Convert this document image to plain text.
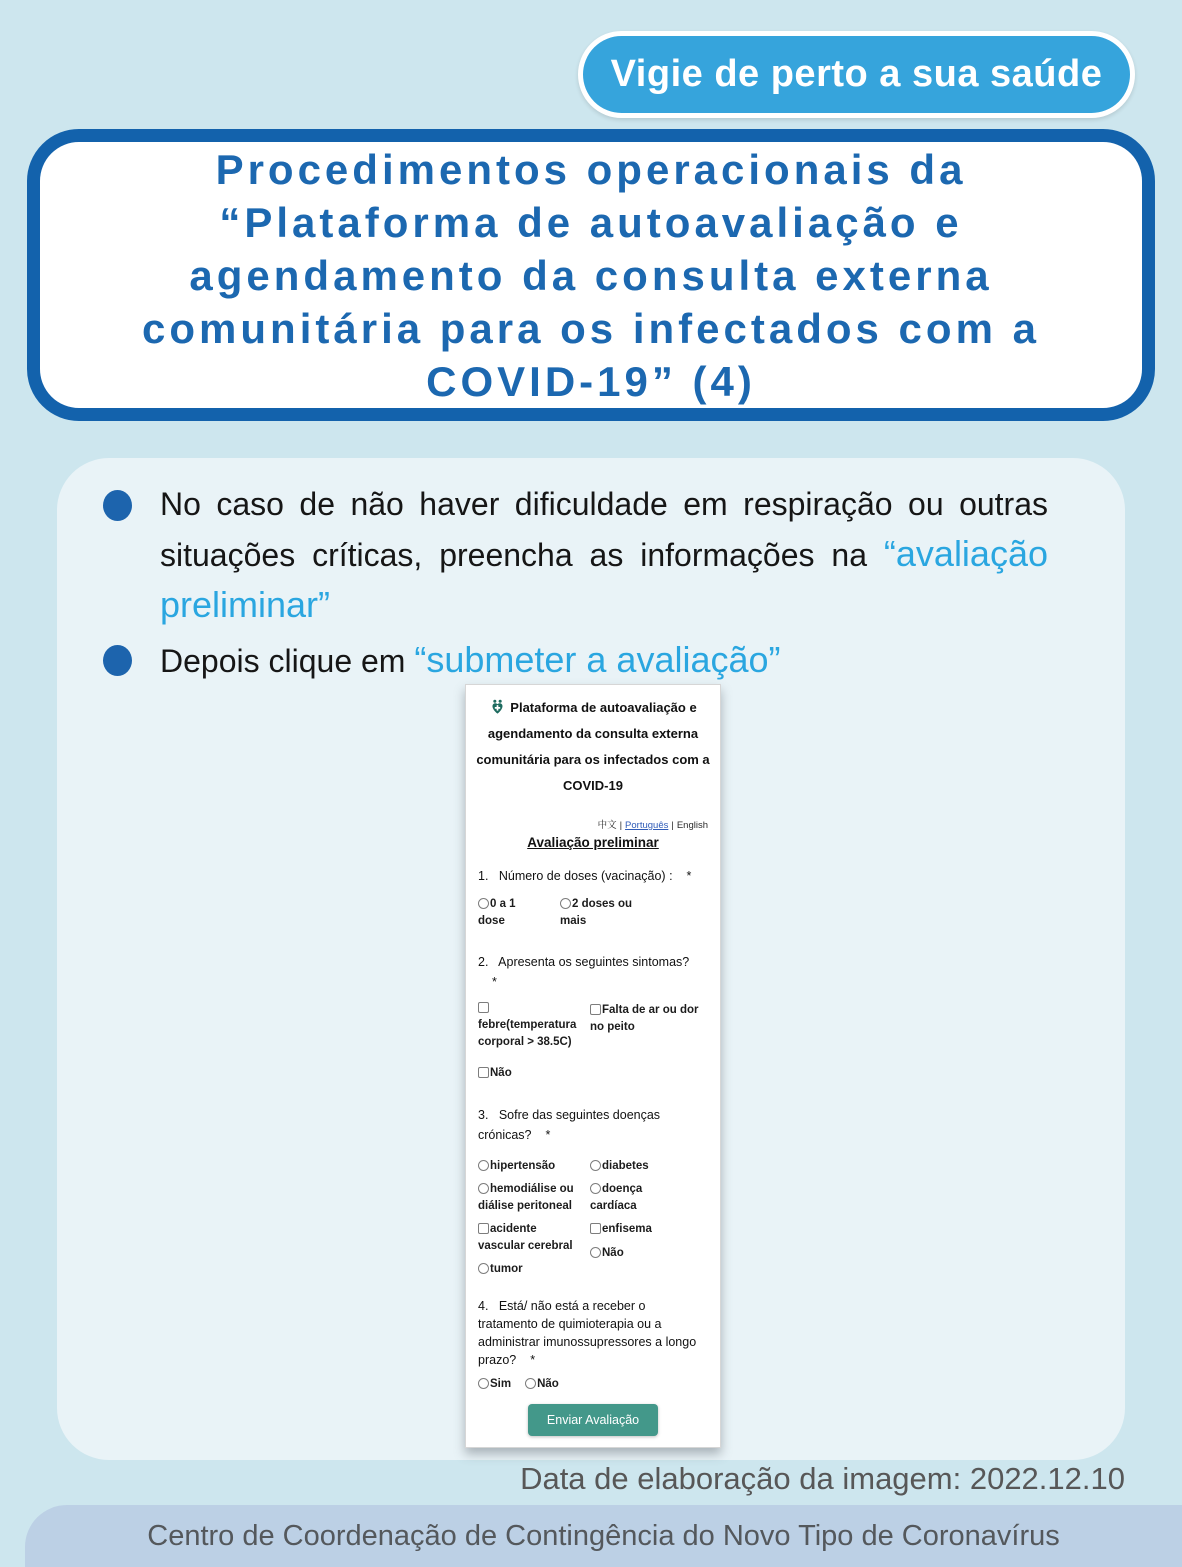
Vigie de perto a sua saúde
Procedimentos operacionais da “Plataforma de autoavaliação e agendamento da consulta externa comunitária para os infectados com a COVID-19” (4)
No caso de não haver dificuldade em respiração ou outras situações críticas, preencha as informações na “avaliação preliminar”
Depois clique em “submeter a avaliação”
Plataforma de autoavaliação e agendamento da consulta externa comunitária para os infectados com a COVID-19
中文 | Português | English
Avaliação preliminar
1.   Número de doses (vacinação) : *
0 a 1 dose
2 doses ou mais
2.   Apresenta os seguintes sintomas?*
febre(temperatura corporal > 38.5C)
Não
Falta de ar ou dor no peito
3.   Sofre das seguintes doenças crónicas? *
hipertensão
hemodiálise ou diálise peritoneal
acidente vascular cerebral
tumor
diabetes
doença cardíaca
enfisema
Não
4.   Está/ não está a receber o tratamento de quimioterapia ou a administrar imunossupressores a longo prazo? *
Sim	Não
Enviar Avaliação
Data de elaboração da imagem: 2022.12.10
Centro de Coordenação de Contingência do Novo Tipo de Coronavírus
